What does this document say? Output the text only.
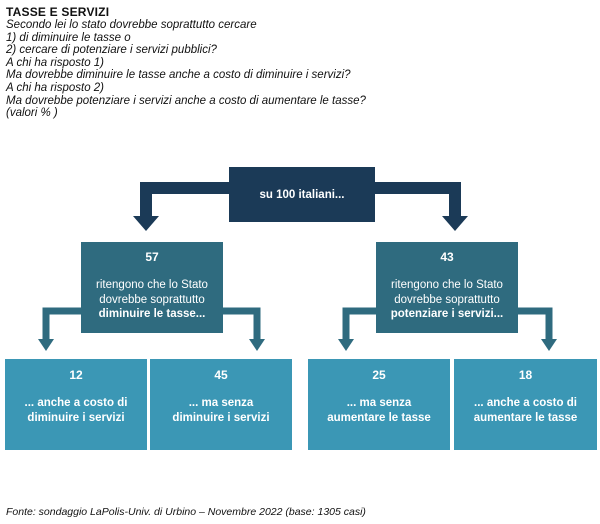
TASSE E SERVIZI
Secondo lei lo stato dovrebbe soprattutto cercare
1) di diminuire le tasse o
2) cercare di potenziare i servizi pubblici?
A chi ha risposto 1)
Ma dovrebbe diminuire le tasse anche a costo di diminuire i servizi?
A chi ha risposto 2)
Ma dovrebbe potenziare i servizi anche a costo di aumentare le tasse?
(valori % )
su 100 italiani...
57
ritengono che lo Stato
dovrebbe soprattutto
diminuire le tasse...
43
ritengono che lo Stato
dovrebbe soprattutto
potenziare i servizi...
12
... anche a costo di
diminuire i servizi
45
... ma senza
diminuire i servizi
25
... ma senza
aumentare le tasse
18
... anche a costo di
aumentare le tasse
Fonte: sondaggio LaPolis-Univ. di Urbino – Novembre 2022 (base: 1305 casi)
